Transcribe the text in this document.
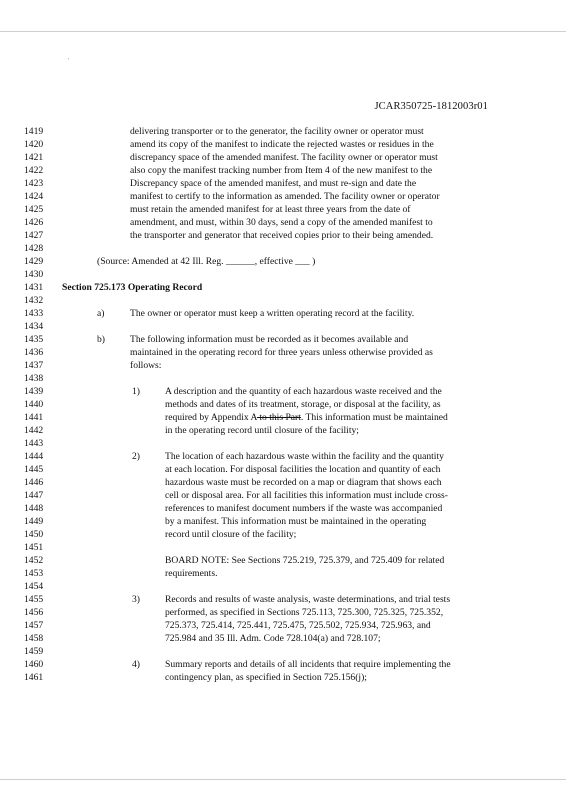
'
JCAR350725-1812003r01
1419
1420
1421
1422
1423
1424
1425
1426
1427
1428
1429
1430
1431
1432
1433
1434
1435
1436
1437
1438
1439
1440
1441
1442
1443
1444
1445
1446
1447
1448
1449
1450
1451
1452
1453
1454
1455
1456
1457
1458
1459
1460
1461
delivering transporter or to the generator, the facility owner or operator must
amend its copy of the manifest to indicate the rejected wastes or residues in the
discrepancy space of the amended manifest. The facility owner or operator must
also copy the manifest tracking number from Item 4 of the new manifest to the
Discrepancy space of the amended manifest, and must re-sign and date the
manifest to certify to the information as amended. The facility owner or operator
must retain the amended manifest for at least three years from the date of
amendment, and must, within 30 days, send a copy of the amended manifest to
the transporter and generator that received copies prior to their being amended.
(Source: Amended at 42 Ill. Reg. ______, effective ___ )
Section 725.173 Operating Record
a)	The owner or operator must keep a written operating record at the facility.
b)	The following information must be recorded as it becomes available and
maintained in the operating record for three years unless otherwise provided as
follows:
1)	A description and the quantity of each hazardous waste received and the
methods and dates of its treatment, storage, or disposal at the facility, as
required by Appendix A to this Part. This information must be maintained
in the operating record until closure of the facility;
2)	The location of each hazardous waste within the facility and the quantity
at each location. For disposal facilities the location and quantity of each
hazardous waste must be recorded on a map or diagram that shows each
cell or disposal area. For all facilities this information must include cross-
references to manifest document numbers if the waste was accompanied
by a manifest. This information must be maintained in the operating
record until closure of the facility;
BOARD NOTE: See Sections 725.219, 725.379, and 725.409 for related
requirements.
3)	Records and results of waste analysis, waste determinations, and trial tests
performed, as specified in Sections 725.113, 725.300, 725.325, 725.352,
725.373, 725.414, 725.441, 725.475, 725.502, 725.934, 725.963, and
725.984 and 35 Ill. Adm. Code 728.104(a) and 728.107;
4)	Summary reports and details of all incidents that require implementing the
contingency plan, as specified in Section 725.156(j);
